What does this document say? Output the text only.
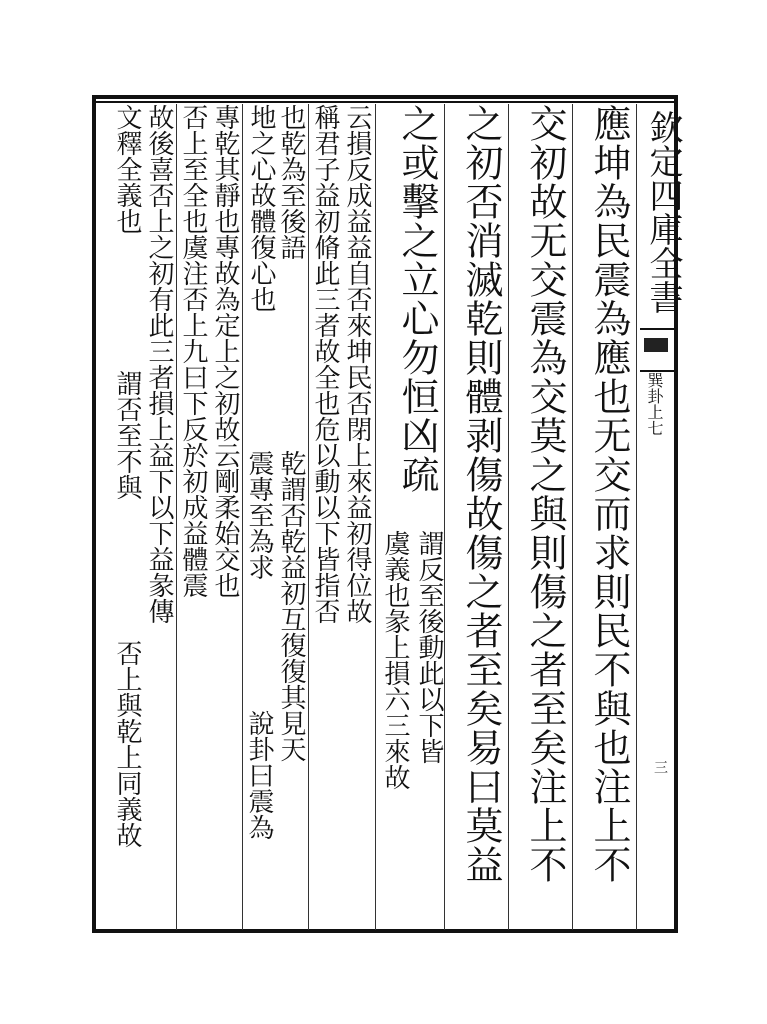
欽定四庫全書
巽卦上七
三
應坤為民震為應也无交而求則民不與也注上不
交初故无交震為交莫之與則傷之者至矣注上不
之初否消滅乾則體剥傷故傷之者至矣易曰莫益
之或擊之立心勿恒凶疏
謂反至後動此以下皆
虞義也彖上損六三來故
云損反成益益自否來坤民否閉上來益初得位故
稱君子益初脩此三者故全也危以動以下皆指否
也乾為至後語
乾謂否乾益初互復復其見天
震專至為求
說卦曰震為
地之心故體復心也
專乾其靜也專故為定上之初故云剛柔始交也
否上至全也虞注否上九曰下反於初成益體震
故後喜否上之初有此三者損上益下以下益彖傳
文釋全義也
謂否至不與
否上與乾上同義故
